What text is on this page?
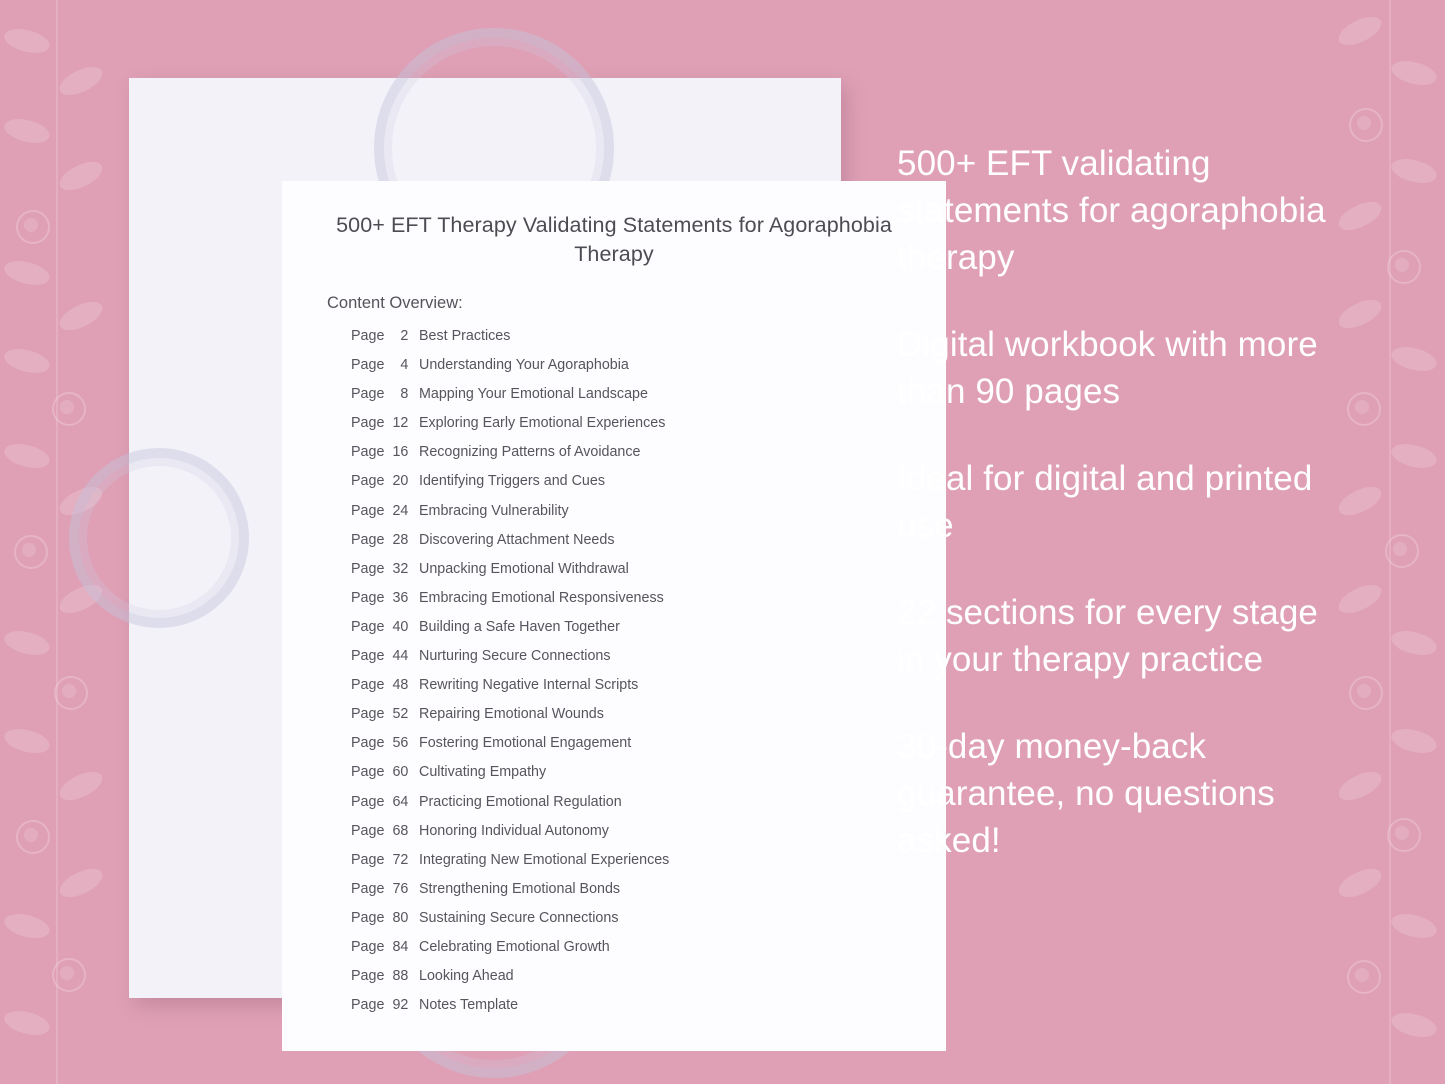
500+ EFT Therapy Validating Statements for Agoraphobia Therapy
Content Overview:
Page 2 Best Practices
Page 4 Understanding Your Agoraphobia
Page 8 Mapping Your Emotional Landscape
Page 12 Exploring Early Emotional Experiences
Page 16 Recognizing Patterns of Avoidance
Page 20 Identifying Triggers and Cues
Page 24 Embracing Vulnerability
Page 28 Discovering Attachment Needs
Page 32 Unpacking Emotional Withdrawal
Page 36 Embracing Emotional Responsiveness
Page 40 Building a Safe Haven Together
Page 44 Nurturing Secure Connections
Page 48 Rewriting Negative Internal Scripts
Page 52 Repairing Emotional Wounds
Page 56 Fostering Emotional Engagement
Page 60 Cultivating Empathy
Page 64 Practicing Emotional Regulation
Page 68 Honoring Individual Autonomy
Page 72 Integrating New Emotional Experiences
Page 76 Strengthening Emotional Bonds
Page 80 Sustaining Secure Connections
Page 84 Celebrating Emotional Growth
Page 88 Looking Ahead
Page 92 Notes Template
500+ EFT validating statements for agoraphobia therapy
Digital workbook with more than 90 pages
Ideal for digital and printed use
22 sections for every stage in your therapy practice
30-day money-back guarantee, no questions asked!
